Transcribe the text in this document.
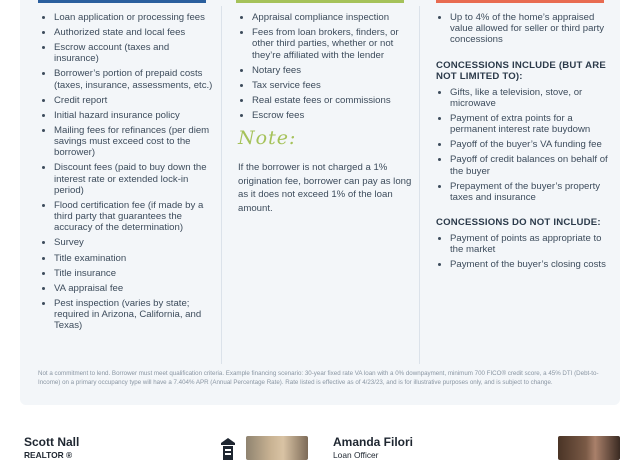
Loan application or processing fees
Authorized state and local fees
Escrow account (taxes and insurance)
Borrower’s portion of prepaid costs (taxes, insurance, assessments, etc.)
Credit report
Initial hazard insurance policy
Mailing fees for refinances (per diem savings must exceed cost to the borrower)
Discount fees (paid to buy down the interest rate or extended lock-in period)
Flood certification fee (if made by a third party that guarantees the accuracy of the determination)
Survey
Title examination
Title insurance
VA appraisal fee
Pest inspection (varies by state; required in Arizona, California, and Texas)
Appraisal compliance inspection
Fees from loan brokers, finders, or other third parties, whether or not they’re affiliated with the lender
Notary fees
Tax service fees
Real estate fees or commissions
Escrow fees
Note:
If the borrower is not charged a 1% origination fee, borrower can pay as long as it does not exceed 1% of the loan amount.
Up to 4% of the home’s appraised value allowed for seller or third party concessions
CONCESSIONS INCLUDE (BUT ARE NOT LIMITED TO):
Gifts, like a television, stove, or microwave
Payment of extra points for a permanent interest rate buydown
Payoff of the buyer’s VA funding fee
Payoff of credit balances on behalf of the buyer
Prepayment of the buyer’s property taxes and insurance
CONCESSIONS DO NOT INCLUDE:
Payment of points as appropriate to the market
Payment of the buyer’s closing costs
Not a commitment to lend. Borrower must meet qualification criteria. Example financing scenario: 30-year fixed rate VA loan with a 0% downpayment, minimum 700 FICO® credit score, a 45% DTI (Debt-to-Income) on a primary occupancy type will have a 7.404% APR (Annual Percentage Rate). Rate listed is effective as of 4/23/23, and is for illustrative purposes only, and is subject to change.
Scott Nall
REALTOR ®
Amanda Filori
Loan Officer
